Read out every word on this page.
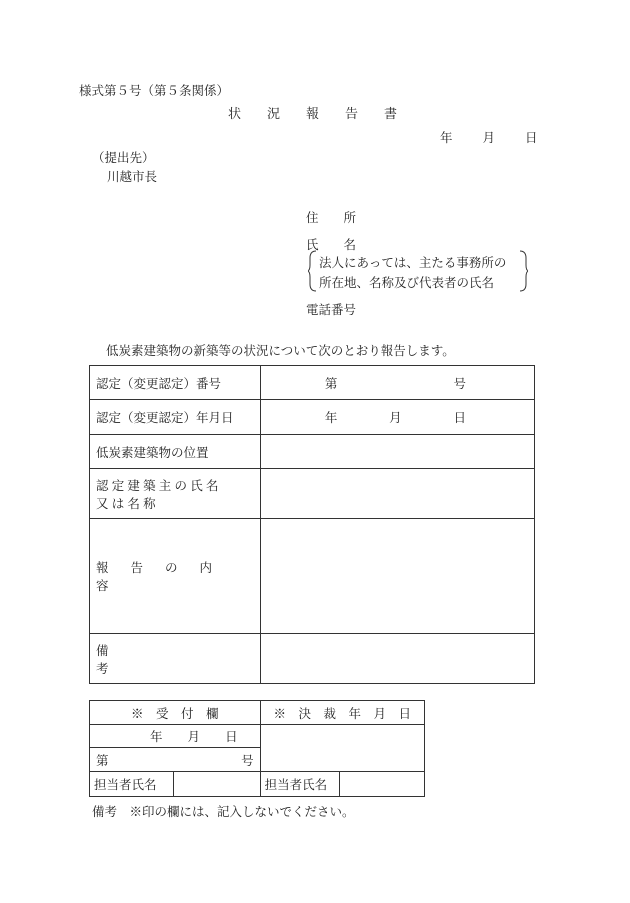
様式第５号（第５条関係）
状　　況　　報　　告　　書
年 月 日
（提出先）
川越市長
住　　所
氏　　名
法人にあっては、主たる事務所の
所在地、名称及び代表者の氏名
電話番号
低炭素建築物の新築等の状況について次のとおり報告します。
認定（変更認定）番号	第 号

認定（変更認定）年月日	年 月 日

低炭素建築物の位置	

認定建築主の氏名
又は名称	

報告の内容	
備考	
※　受　付　欄		※　決　裁　年　月　日

年 月 日		

第 号		

担当者氏名		担当者氏名
備考　※印の欄には、記入しないでください。
